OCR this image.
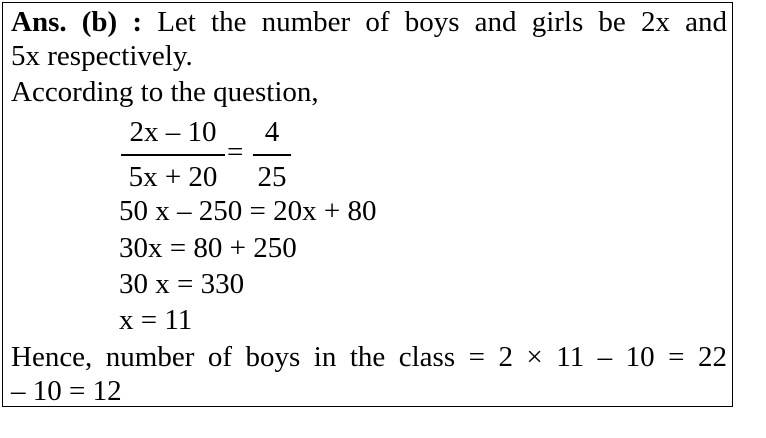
Ans. (b) : Let the number of boys and girls be 2x and
5x respectively.
According to the question,
2x – 10
5x + 20
=
4
25
50 x – 250 = 20x + 80
30x = 80 + 250
30 x = 330
x = 11
Hence, number of boys in the class = 2 × 11 – 10 = 22
– 10 = 12
